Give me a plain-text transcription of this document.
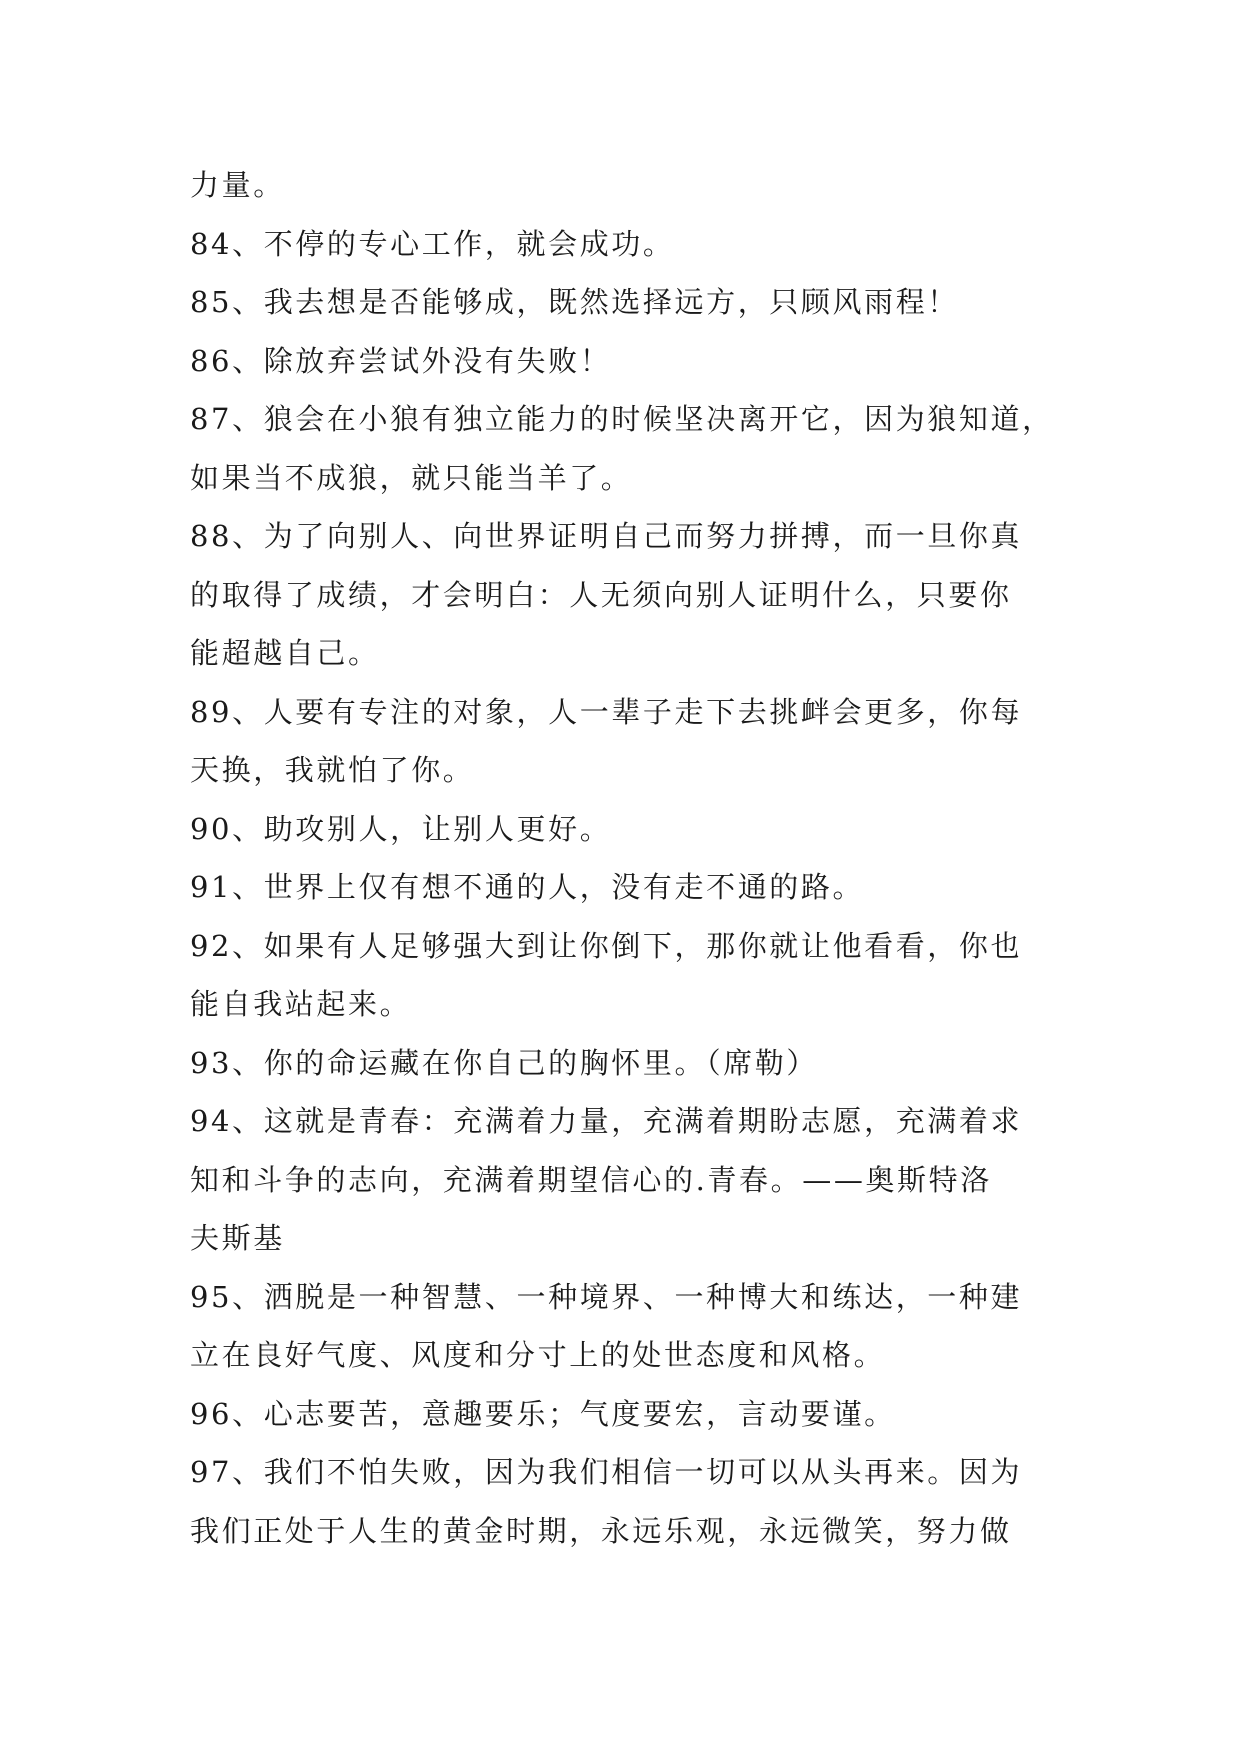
力量。
84、不停的专心工作，就会成功。
85、我去想是否能够成，既然选择远方，只顾风雨程！
86、除放弃尝试外没有失败！
87、狼会在小狼有独立能力的时候坚决离开它，因为狼知道，
如果当不成狼，就只能当羊了。
88、为了向别人、向世界证明自己而努力拼搏，而一旦你真
的取得了成绩，才会明白：人无须向别人证明什么，只要你
能超越自己。
89、人要有专注的对象，人一辈子走下去挑衅会更多，你每
天换，我就怕了你。
90、助攻别人，让别人更好。
91、世界上仅有想不通的人，没有走不通的路。
92、如果有人足够强大到让你倒下，那你就让他看看，你也
能自我站起来。
93、你的命运藏在你自己的胸怀里。（席勒）
94、这就是青春：充满着力量，充满着期盼志愿，充满着求
知和斗争的志向，充满着期望信心的.青春。——奥斯特洛
夫斯基
95、洒脱是一种智慧、一种境界、一种博大和练达，一种建
立在良好气度、风度和分寸上的处世态度和风格。
96、心志要苦，意趣要乐；气度要宏，言动要谨。
97、我们不怕失败，因为我们相信一切可以从头再来。因为
我们正处于人生的黄金时期，永远乐观，永远微笑，努力做
